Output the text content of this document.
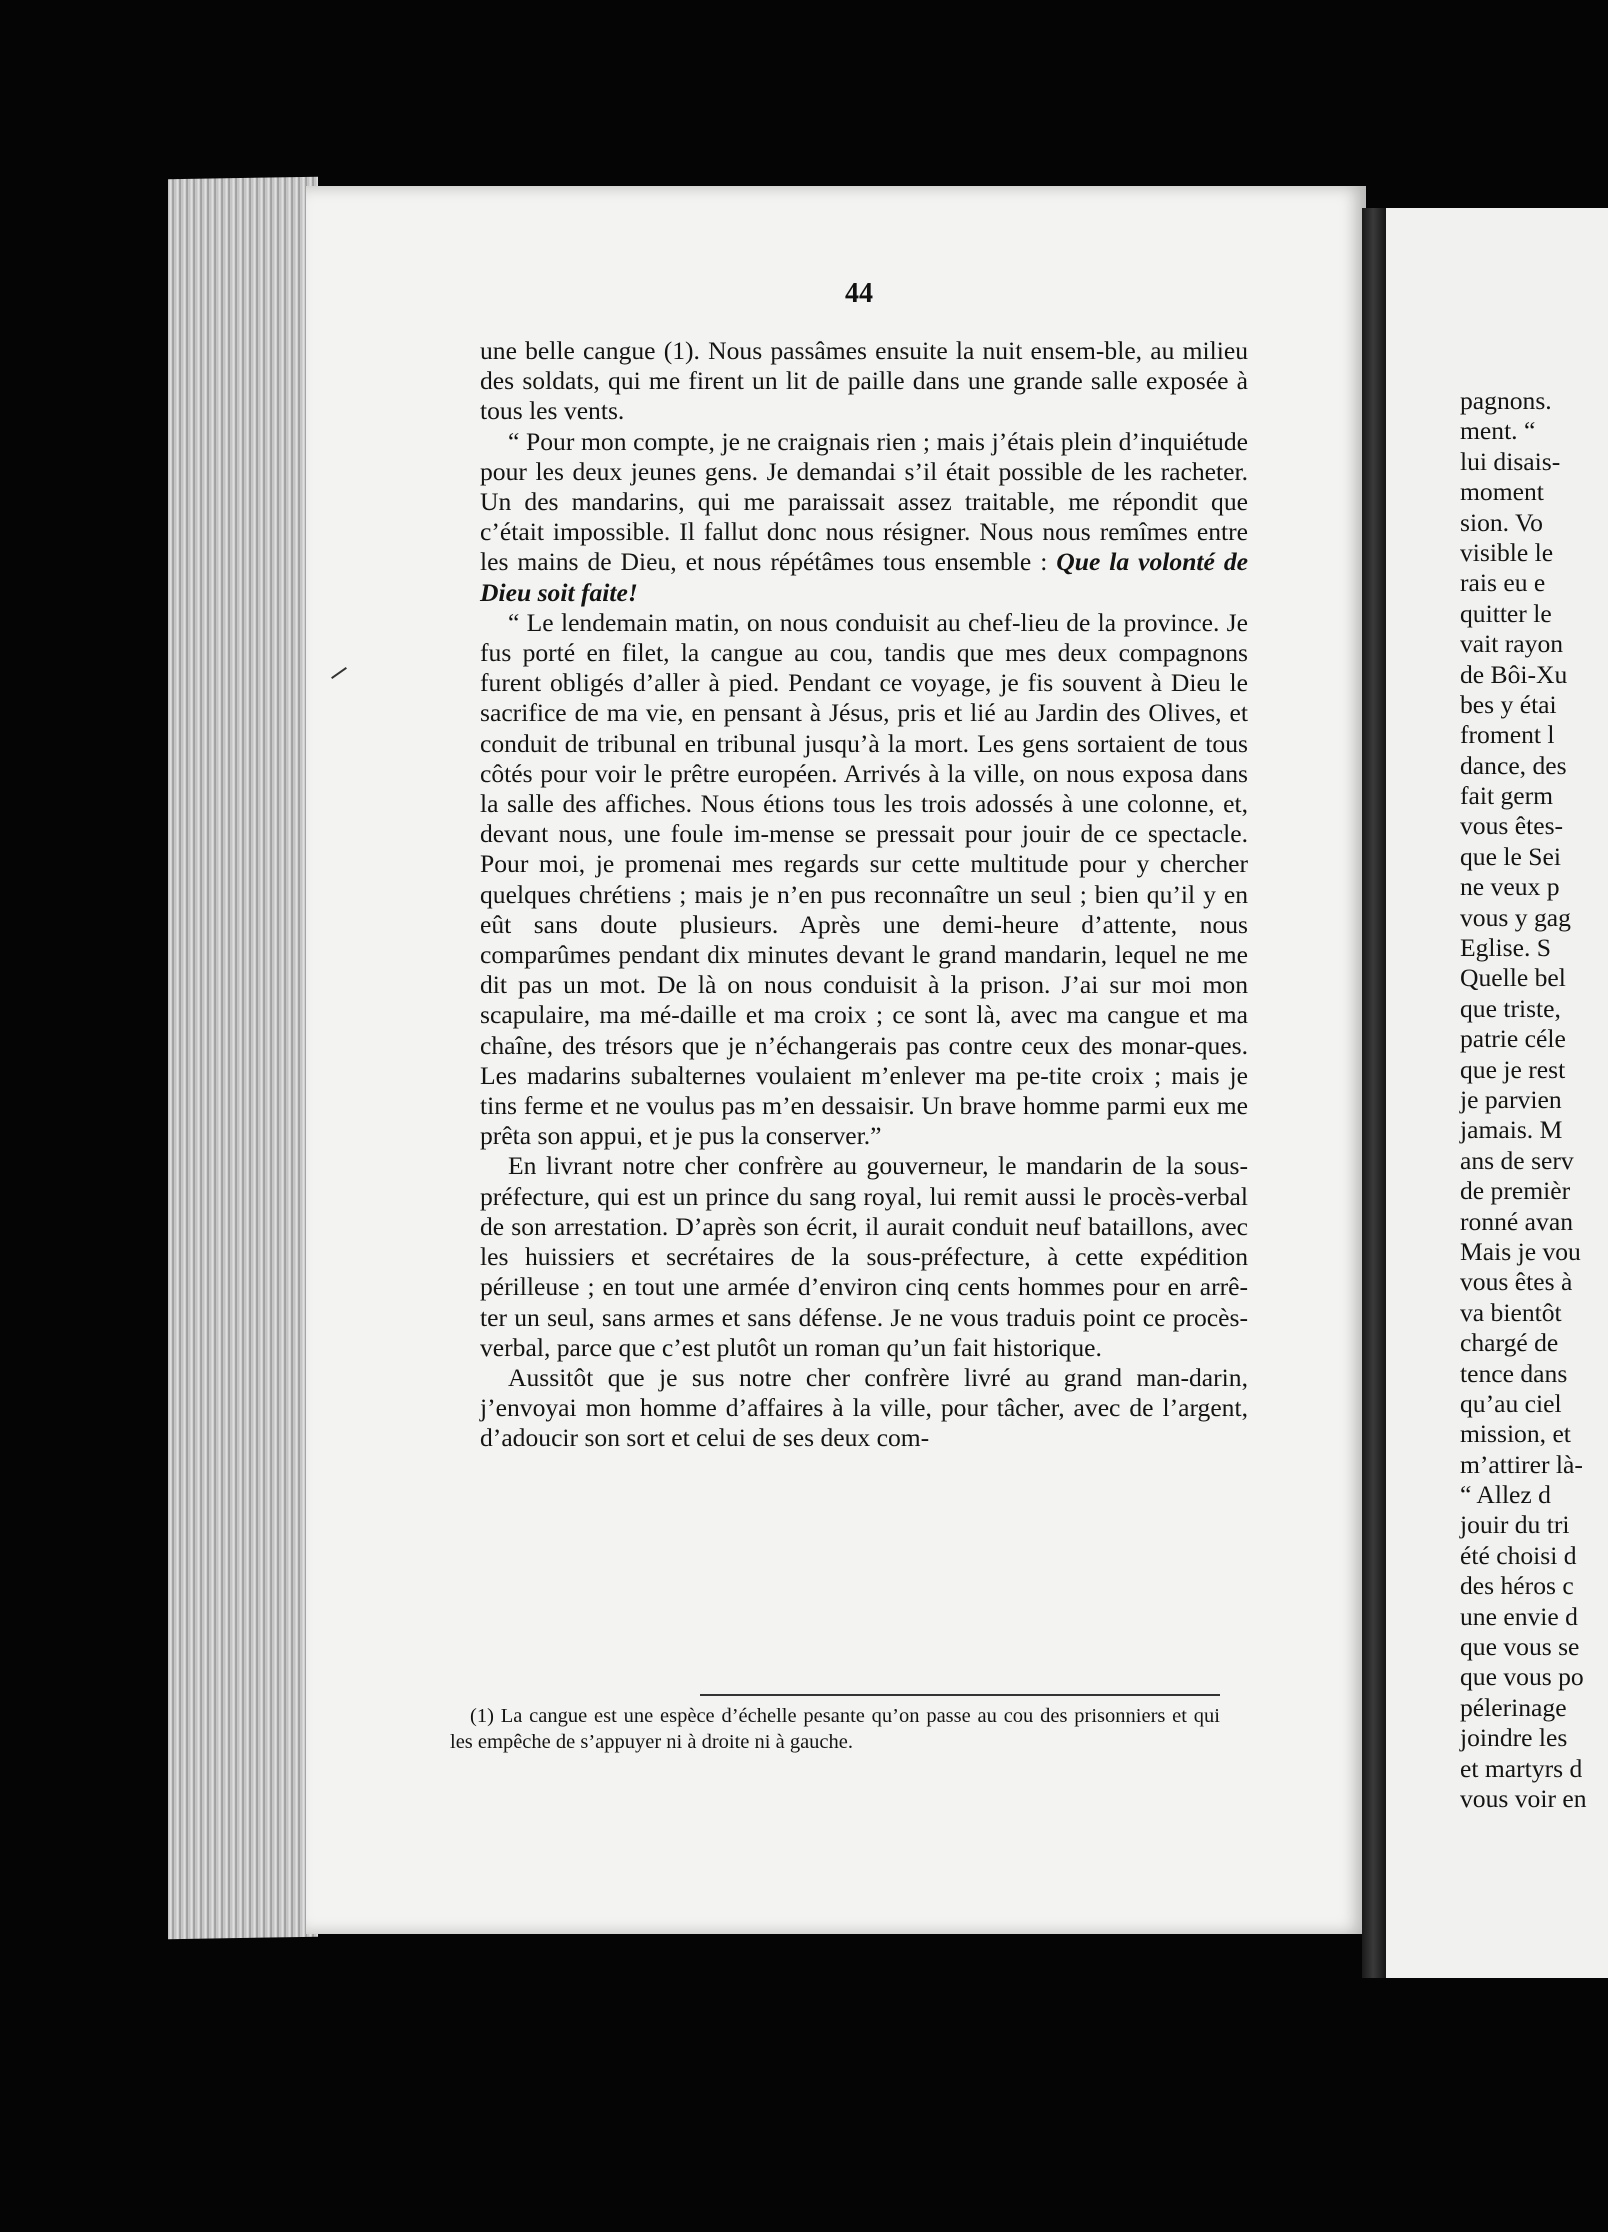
44

une belle cangue (1). Nous passâmes ensuite la nuit ensem-ble, au milieu des soldats, qui me firent un lit de paille dans une grande salle exposée à tous les vents.

“ Pour mon compte, je ne craignais rien ; mais j’étais plein d’inquiétude pour les deux jeunes gens. Je demandai s’il était possible de les racheter. Un des mandarins, qui me paraissait assez traitable, me répondit que c’était impossible. Il fallut donc nous résigner. Nous nous remîmes entre les mains de Dieu, et nous répétâmes tous ensemble : Que la volonté de Dieu soit faite!

“ Le lendemain matin, on nous conduisit au chef-lieu de la province. Je fus porté en filet, la cangue au cou, tandis que mes deux compagnons furent obligés d’aller à pied. Pendant ce voyage, je fis souvent à Dieu le sacrifice de ma vie, en pensant à Jésus, pris et lié au Jardin des Olives, et conduit de tribunal en tribunal jusqu’à la mort. Les gens sortaient de tous côtés pour voir le prêtre européen. Arrivés à la ville, on nous exposa dans la salle des affiches. Nous étions tous les trois adossés à une colonne, et, devant nous, une foule im-mense se pressait pour jouir de ce spectacle. Pour moi, je promenai mes regards sur cette multitude pour y chercher quelques chrétiens ; mais je n’en pus reconnaître un seul ; bien qu’il y en eût sans doute plusieurs. Après une demi-heure d’attente, nous comparûmes pendant dix minutes devant le grand mandarin, lequel ne me dit pas un mot. De là on nous conduisit à la prison. J’ai sur moi mon scapulaire, ma mé-daille et ma croix ; ce sont là, avec ma cangue et ma chaîne, des trésors que je n’échangerais pas contre ceux des monar-ques. Les madarins subalternes voulaient m’enlever ma pe-tite croix ; mais je tins ferme et ne voulus pas m’en dessaisir. Un brave homme parmi eux me prêta son appui, et je pus la conserver.”

En livrant notre cher confrère au gouverneur, le mandarin de la sous-préfecture, qui est un prince du sang royal, lui remit aussi le procès-verbal de son arrestation. D’après son écrit, il aurait conduit neuf bataillons, avec les huissiers et secrétaires de la sous-préfecture, à cette expédition périlleuse ; en tout une armée d’environ cinq cents hommes pour en arrê-ter un seul, sans armes et sans défense. Je ne vous traduis point ce procès-verbal, parce que c’est plutôt un roman qu’un fait historique.

Aussitôt que je sus notre cher confrère livré au grand man-darin, j’envoyai mon homme d’affaires à la ville, pour tâcher, avec de l’argent, d’adoucir son sort et celui de ses deux com-

(1) La cangue est une espèce d’échelle pesante qu’on passe au cou des prisonniers et qui les empêche de s’appuyer ni à droite ni à gauche.
pagnons.
ment. “
lui disais-
moment
sion. Vo
visible le
rais eu e
quitter le
vait rayon
de Bôi-Xu
bes y étai
froment l
dance, des
fait germ
vous êtes-
que le Sei
ne veux p
vous y gag
Eglise. S
Quelle bel
que triste,
patrie céle
que je rest
je parvien
jamais. M
ans de serv
de premièr
ronné avan
Mais je vou
vous êtes à
va bientôt
chargé de
tence dans
qu’au ciel
mission, et
m’attirer là-
“ Allez d
jouir du tri
été choisi d
des héros c
une envie d
que vous se
que vous po
pélerinage
joindre les
et martyrs d
vous voir en
